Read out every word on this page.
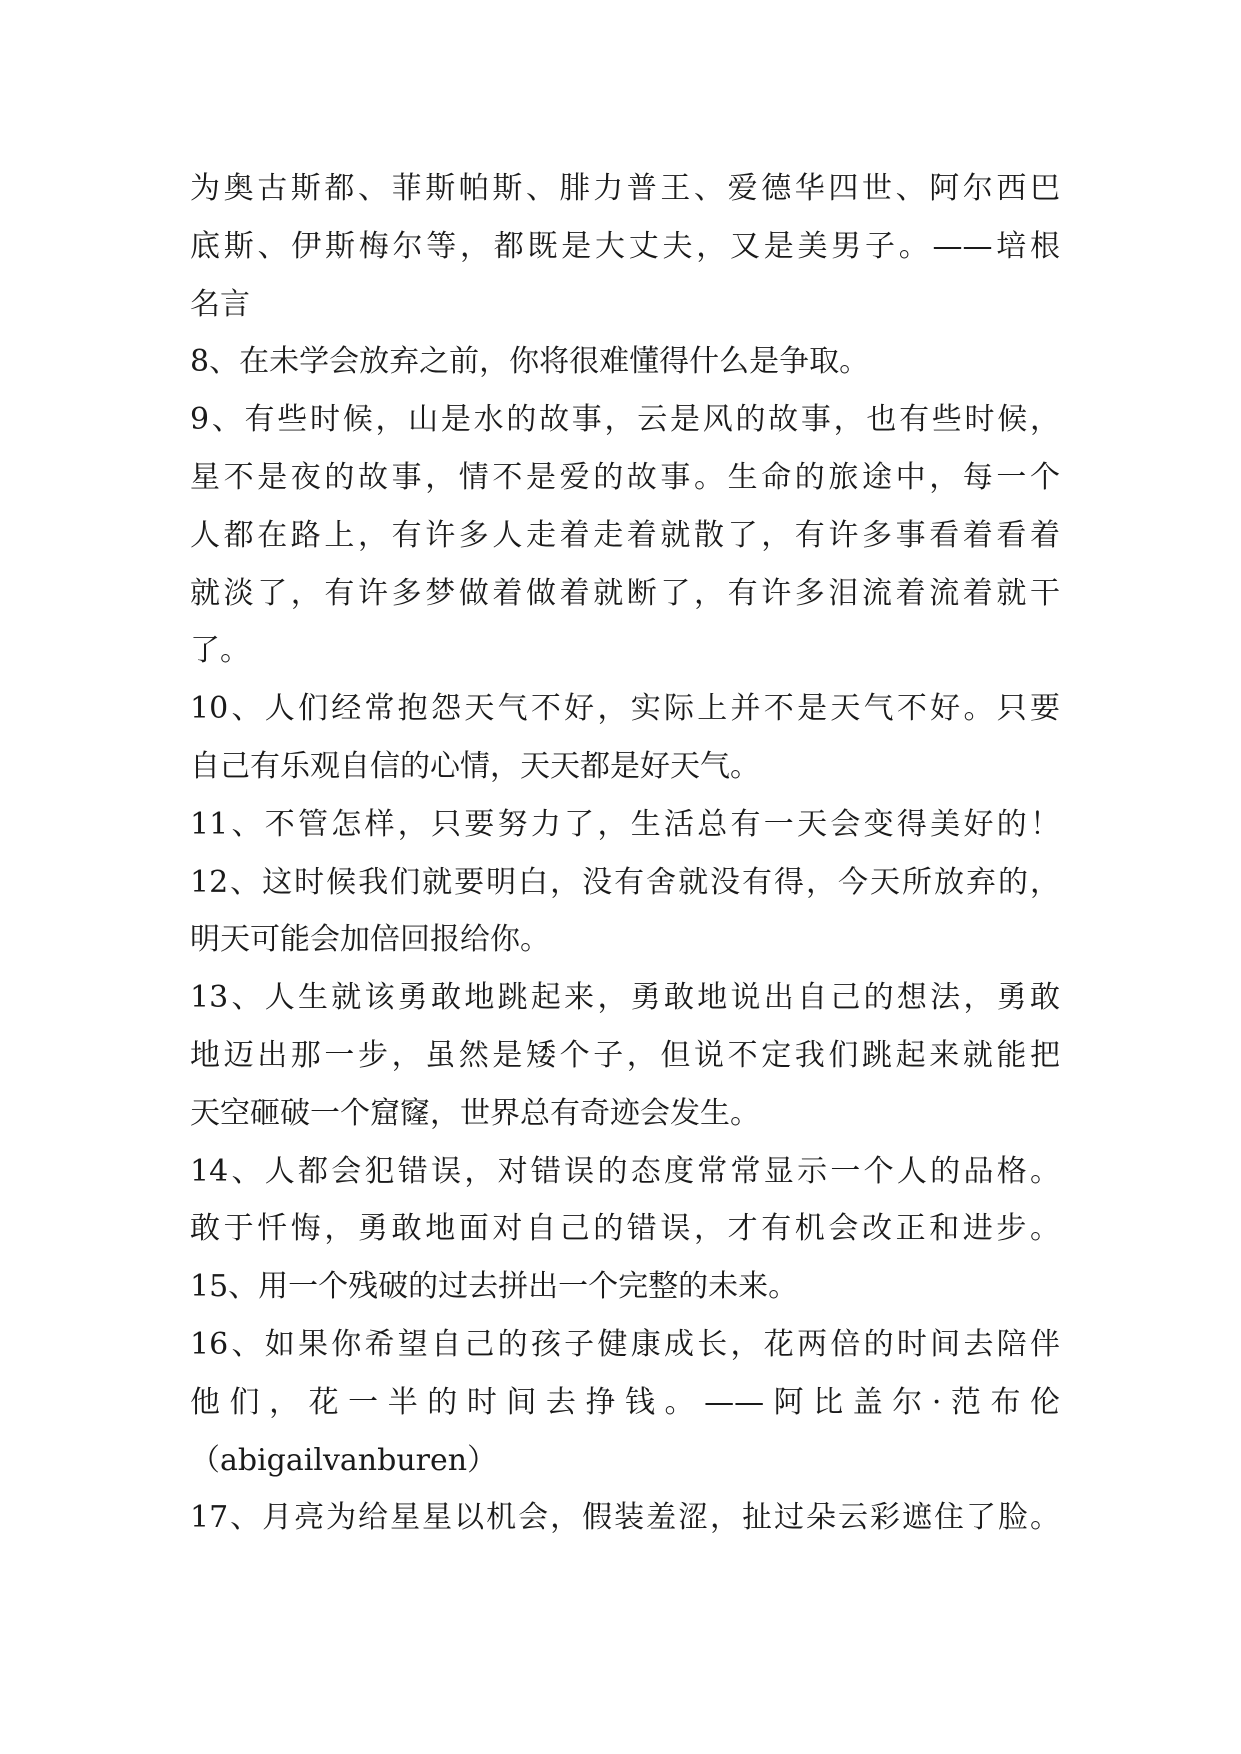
为奥古斯都、菲斯帕斯、腓力普王、爱德华四世、阿尔西巴
底斯、伊斯梅尔等，都既是大丈夫，又是美男子。——培根
名言
8、在未学会放弃之前，你将很难懂得什么是争取。
9、有些时候，山是水的故事，云是风的故事，也有些时候，
星不是夜的故事，情不是爱的故事。生命的旅途中，每一个
人都在路上，有许多人走着走着就散了，有许多事看着看着
就淡了，有许多梦做着做着就断了，有许多泪流着流着就干
了。
10、人们经常抱怨天气不好，实际上并不是天气不好。只要
自己有乐观自信的心情，天天都是好天气。
11、不管怎样，只要努力了，生活总有一天会变得美好的！
12、这时候我们就要明白，没有舍就没有得，今天所放弃的，
明天可能会加倍回报给你。
13、人生就该勇敢地跳起来，勇敢地说出自己的想法，勇敢
地迈出那一步，虽然是矮个子，但说不定我们跳起来就能把
天空砸破一个窟窿，世界总有奇迹会发生。
14、人都会犯错误，对错误的态度常常显示一个人的品格。
敢于忏悔，勇敢地面对自己的错误，才有机会改正和进步。
15、用一个残破的过去拼出一个完整的未来。
16、如果你希望自己的孩子健康成长，花两倍的时间去陪伴
他们，花一半的时间去挣钱。——阿比盖尔·范布伦
（abigailvanburen）
17、月亮为给星星以机会，假装羞涩，扯过朵云彩遮住了脸。
